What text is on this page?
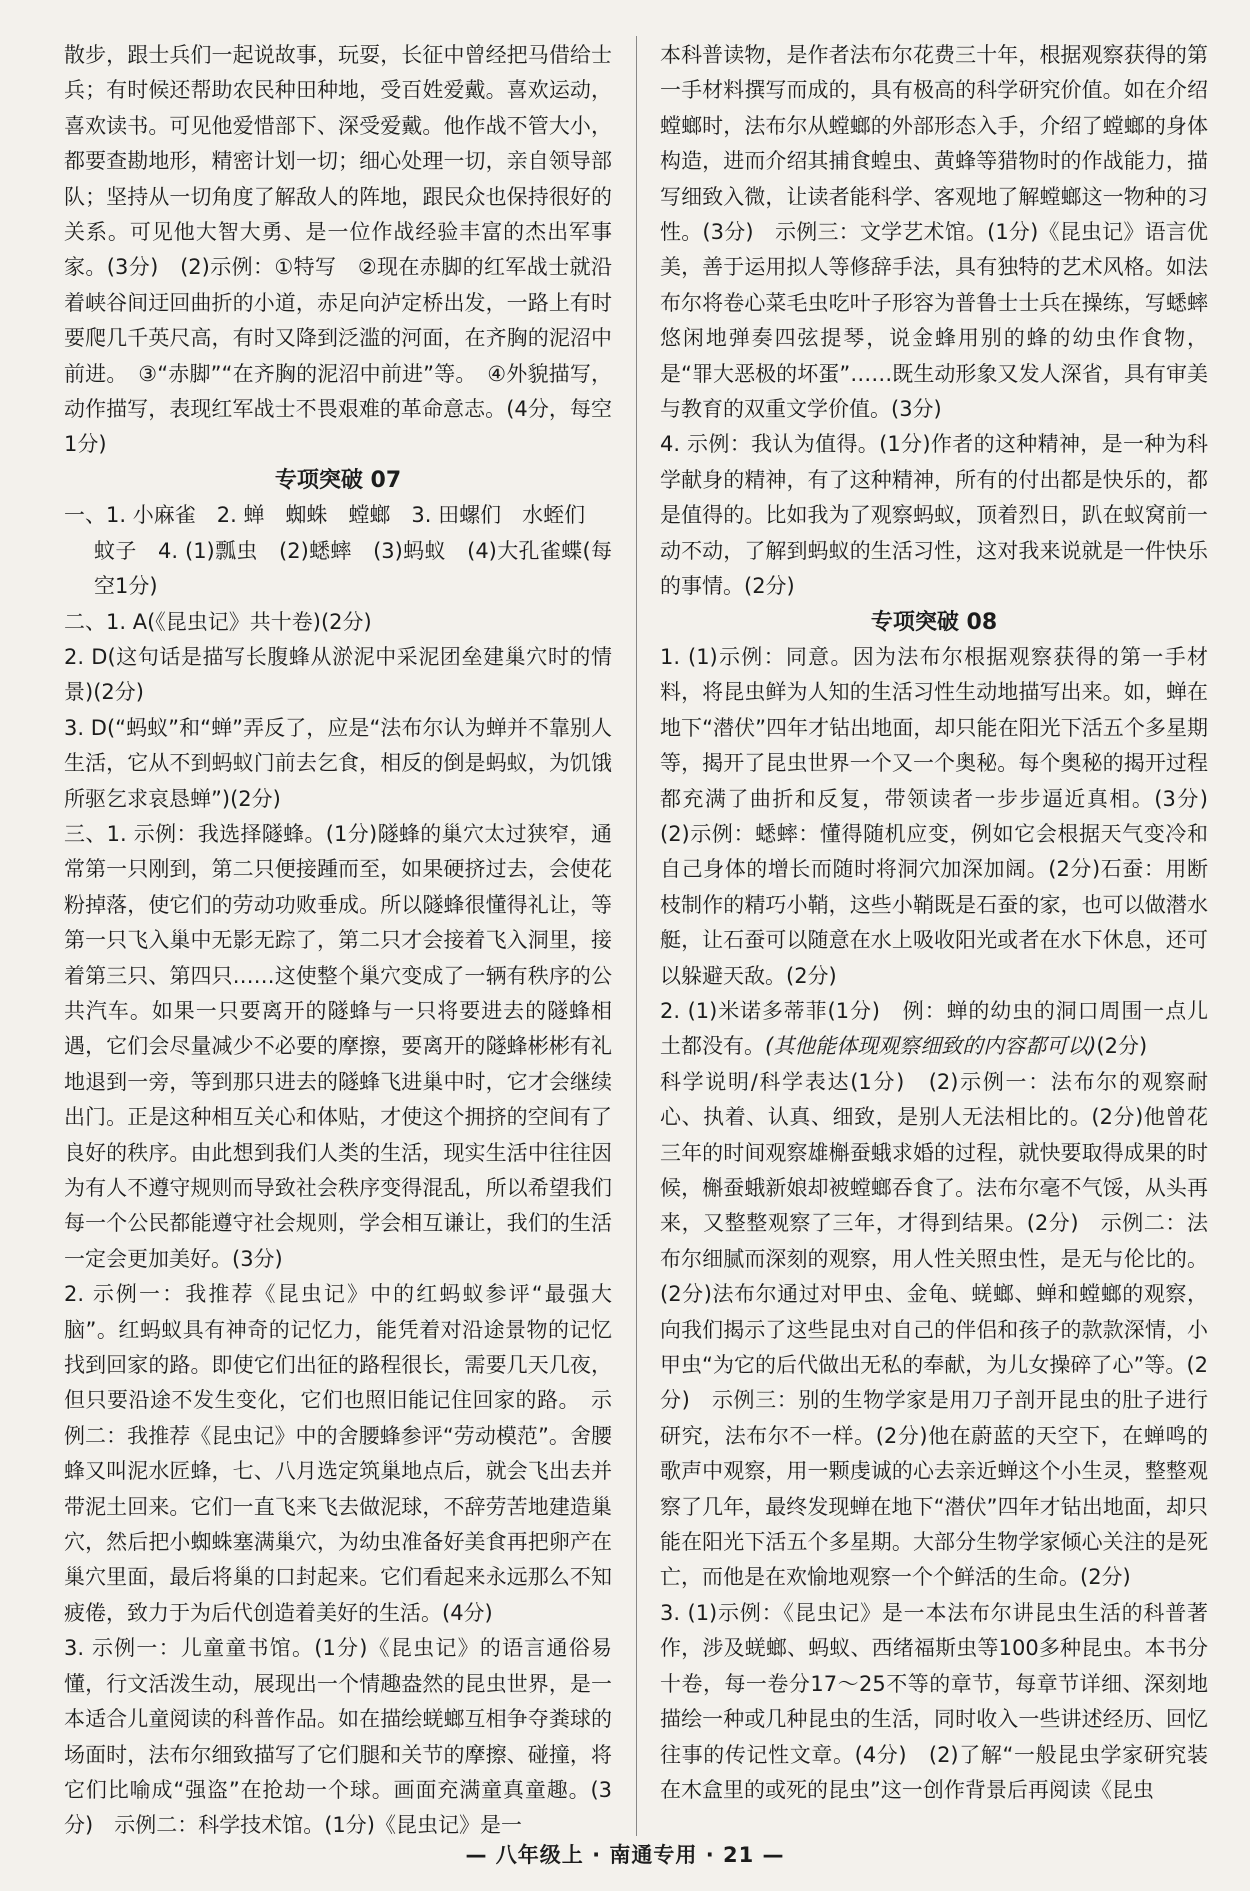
散步，跟士兵们一起说故事，玩耍，长征中曾经把马借给士兵；有时候还帮助农民种田种地，受百姓爱戴。喜欢运动，喜欢读书。可见他爱惜部下、深受爱戴。他作战不管大小，都要查勘地形，精密计划一切；细心处理一切，亲自领导部队；坚持从一切角度了解敌人的阵地，跟民众也保持很好的关系。可见他大智大勇、是一位作战经验丰富的杰出军事家。(3分)　(2)示例：①特写　②现在赤脚的红军战士就沿着峡谷间迂回曲折的小道，赤足向泸定桥出发，一路上有时要爬几千英尺高，有时又降到泛滥的河面，在齐胸的泥沼中前进。　③“赤脚”“在齐胸的泥沼中前进”等。　④外貌描写，动作描写，表现红军战士不畏艰难的革命意志。(4分，每空1分)

专项突破 07

一、1. 小麻雀　2. 蝉　蜘蛛　螳螂　3. 田螺们　水蛭们

蚊子　4. (1)瓢虫　(2)蟋蟀　(3)蚂蚁　(4)大孔雀蝶(每空1分)

二、1. A(《昆虫记》共十卷)(2分)

2. D(这句话是描写长腹蜂从淤泥中采泥团垒建巢穴时的情景)(2分)

3. D(“蚂蚁”和“蝉”弄反了，应是“法布尔认为蝉并不靠别人生活，它从不到蚂蚁门前去乞食，相反的倒是蚂蚁，为饥饿所驱乞求哀恳蝉”)(2分)

三、1. 示例：我选择隧蜂。(1分)隧蜂的巢穴太过狭窄，通常第一只刚到，第二只便接踵而至，如果硬挤过去，会使花粉掉落，使它们的劳动功败垂成。所以隧蜂很懂得礼让，等第一只飞入巢中无影无踪了，第二只才会接着飞入洞里，接着第三只、第四只……这使整个巢穴变成了一辆有秩序的公共汽车。如果一只要离开的隧蜂与一只将要进去的隧蜂相遇，它们会尽量减少不必要的摩擦，要离开的隧蜂彬彬有礼地退到一旁，等到那只进去的隧蜂飞进巢中时，它才会继续出门。正是这种相互关心和体贴，才使这个拥挤的空间有了良好的秩序。由此想到我们人类的生活，现实生活中往往因为有人不遵守规则而导致社会秩序变得混乱，所以希望我们每一个公民都能遵守社会规则，学会相互谦让，我们的生活一定会更加美好。(3分)

2. 示例一：我推荐《昆虫记》中的红蚂蚁参评“最强大脑”。红蚂蚁具有神奇的记忆力，能凭着对沿途景物的记忆找到回家的路。即使它们出征的路程很长，需要几天几夜，但只要沿途不发生变化，它们也照旧能记住回家的路。　示例二：我推荐《昆虫记》中的舍腰蜂参评“劳动模范”。舍腰蜂又叫泥水匠蜂，七、八月选定筑巢地点后，就会飞出去并带泥土回来。它们一直飞来飞去做泥球，不辞劳苦地建造巢穴，然后把小蜘蛛塞满巢穴，为幼虫准备好美食再把卵产在巢穴里面，最后将巢的口封起来。它们看起来永远那么不知疲倦，致力于为后代创造着美好的生活。(4分)

3. 示例一：儿童童书馆。(1分)《昆虫记》的语言通俗易懂，行文活泼生动，展现出一个情趣盎然的昆虫世界，是一本适合儿童阅读的科普作品。如在描绘蜣螂互相争夺粪球的场面时，法布尔细致描写了它们腿和关节的摩擦、碰撞，将它们比喻成“强盗”在抢劫一个球。画面充满童真童趣。(3分)　示例二：科学技术馆。(1分)《昆虫记》是一

本科普读物，是作者法布尔花费三十年，根据观察获得的第一手材料撰写而成的，具有极高的科学研究价值。如在介绍螳螂时，法布尔从螳螂的外部形态入手，介绍了螳螂的身体构造，进而介绍其捕食蝗虫、黄蜂等猎物时的作战能力，描写细致入微，让读者能科学、客观地了解螳螂这一物种的习性。(3分)　示例三：文学艺术馆。(1分)《昆虫记》语言优美，善于运用拟人等修辞手法，具有独特的艺术风格。如法布尔将卷心菜毛虫吃叶子形容为普鲁士士兵在操练，写蟋蟀悠闲地弹奏四弦提琴，说金蜂用别的蜂的幼虫作食物，是“罪大恶极的坏蛋”……既生动形象又发人深省，具有审美与教育的双重文学价值。(3分)

4. 示例：我认为值得。(1分)作者的这种精神，是一种为科学献身的精神，有了这种精神，所有的付出都是快乐的，都是值得的。比如我为了观察蚂蚁，顶着烈日，趴在蚁窝前一动不动，了解到蚂蚁的生活习性，这对我来说就是一件快乐的事情。(2分)

专项突破 08

1. (1)示例：同意。因为法布尔根据观察获得的第一手材料，将昆虫鲜为人知的生活习性生动地描写出来。如，蝉在地下“潜伏”四年才钻出地面，却只能在阳光下活五个多星期等，揭开了昆虫世界一个又一个奥秘。每个奥秘的揭开过程都充满了曲折和反复，带领读者一步步逼近真相。(3分)　(2)示例：蟋蟀：懂得随机应变，例如它会根据天气变冷和自己身体的增长而随时将洞穴加深加阔。(2分)石蚕：用断枝制作的精巧小鞘，这些小鞘既是石蚕的家，也可以做潜水艇，让石蚕可以随意在水上吸收阳光或者在水下休息，还可以躲避天敌。(2分)

2. (1)米诺多蒂菲(1分)　例：蝉的幼虫的洞口周围一点儿土都没有。(其他能体现观察细致的内容都可以)(2分)

科学说明/科学表达(1分)　(2)示例一：法布尔的观察耐心、执着、认真、细致，是别人无法相比的。(2分)他曾花三年的时间观察雄槲蚕蛾求婚的过程，就快要取得成果的时候，槲蚕蛾新娘却被螳螂吞食了。法布尔毫不气馁，从头再来，又整整观察了三年，才得到结果。(2分)　示例二：法布尔细腻而深刻的观察，用人性关照虫性，是无与伦比的。(2分)法布尔通过对甲虫、金龟、蜣螂、蝉和螳螂的观察，向我们揭示了这些昆虫对自己的伴侣和孩子的款款深情，小甲虫“为它的后代做出无私的奉献，为儿女操碎了心”等。(2分)　示例三：别的生物学家是用刀子剖开昆虫的肚子进行研究，法布尔不一样。(2分)他在蔚蓝的天空下，在蝉鸣的歌声中观察，用一颗虔诚的心去亲近蝉这个小生灵，整整观察了几年，最终发现蝉在地下“潜伏”四年才钻出地面，却只能在阳光下活五个多星期。大部分生物学家倾心关注的是死亡，而他是在欢愉地观察一个个鲜活的生命。(2分)

3. (1)示例：《昆虫记》是一本法布尔讲昆虫生活的科普著作，涉及蜣螂、蚂蚁、西绪福斯虫等100多种昆虫。本书分十卷，每一卷分17～25不等的章节，每章节详细、深刻地描绘一种或几种昆虫的生活，同时收入一些讲述经历、回忆往事的传记性文章。(4分)　(2)了解“一般昆虫学家研究装在木盒里的或死的昆虫”这一创作背景后再阅读《昆虫

— 八年级上 · 南通专用 · 21 —
